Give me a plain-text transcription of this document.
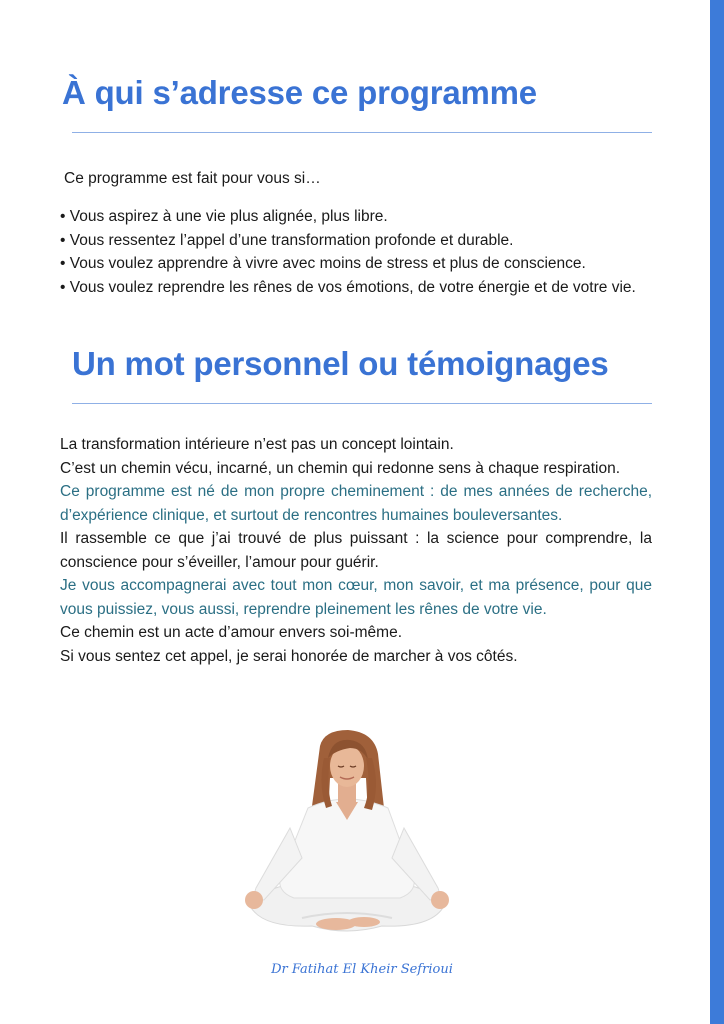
À qui s’adresse ce programme
Ce programme est fait pour vous si…
• Vous aspirez à une vie plus alignée, plus libre.
• Vous ressentez l’appel d’une transformation profonde et durable.
• Vous voulez apprendre à vivre avec moins de stress et plus de conscience.
• Vous voulez reprendre les rênes de vos émotions, de votre énergie et de votre vie.
Un mot personnel ou témoignages

La transformation intérieure n’est pas un concept lointain.

C’est un chemin vécu, incarné, un chemin qui redonne sens à chaque respiration.

Ce programme est né de mon propre cheminement : de mes années de recherche, d’expérience clinique, et surtout de rencontres humaines bouleversantes.

Il rassemble ce que j’ai trouvé de plus puissant : la science pour comprendre, la conscience pour s’éveiller, l’amour pour guérir.

Je vous accompagnerai avec tout mon cœur, mon savoir, et ma présence, pour que vous puissiez, vous aussi, reprendre pleinement les rênes de votre vie.

Ce chemin est un acte d’amour envers soi-même.

Si vous sentez cet appel, je serai honorée de marcher à vos côtés.

Dr Fatihat El Kheir Sefrioui
